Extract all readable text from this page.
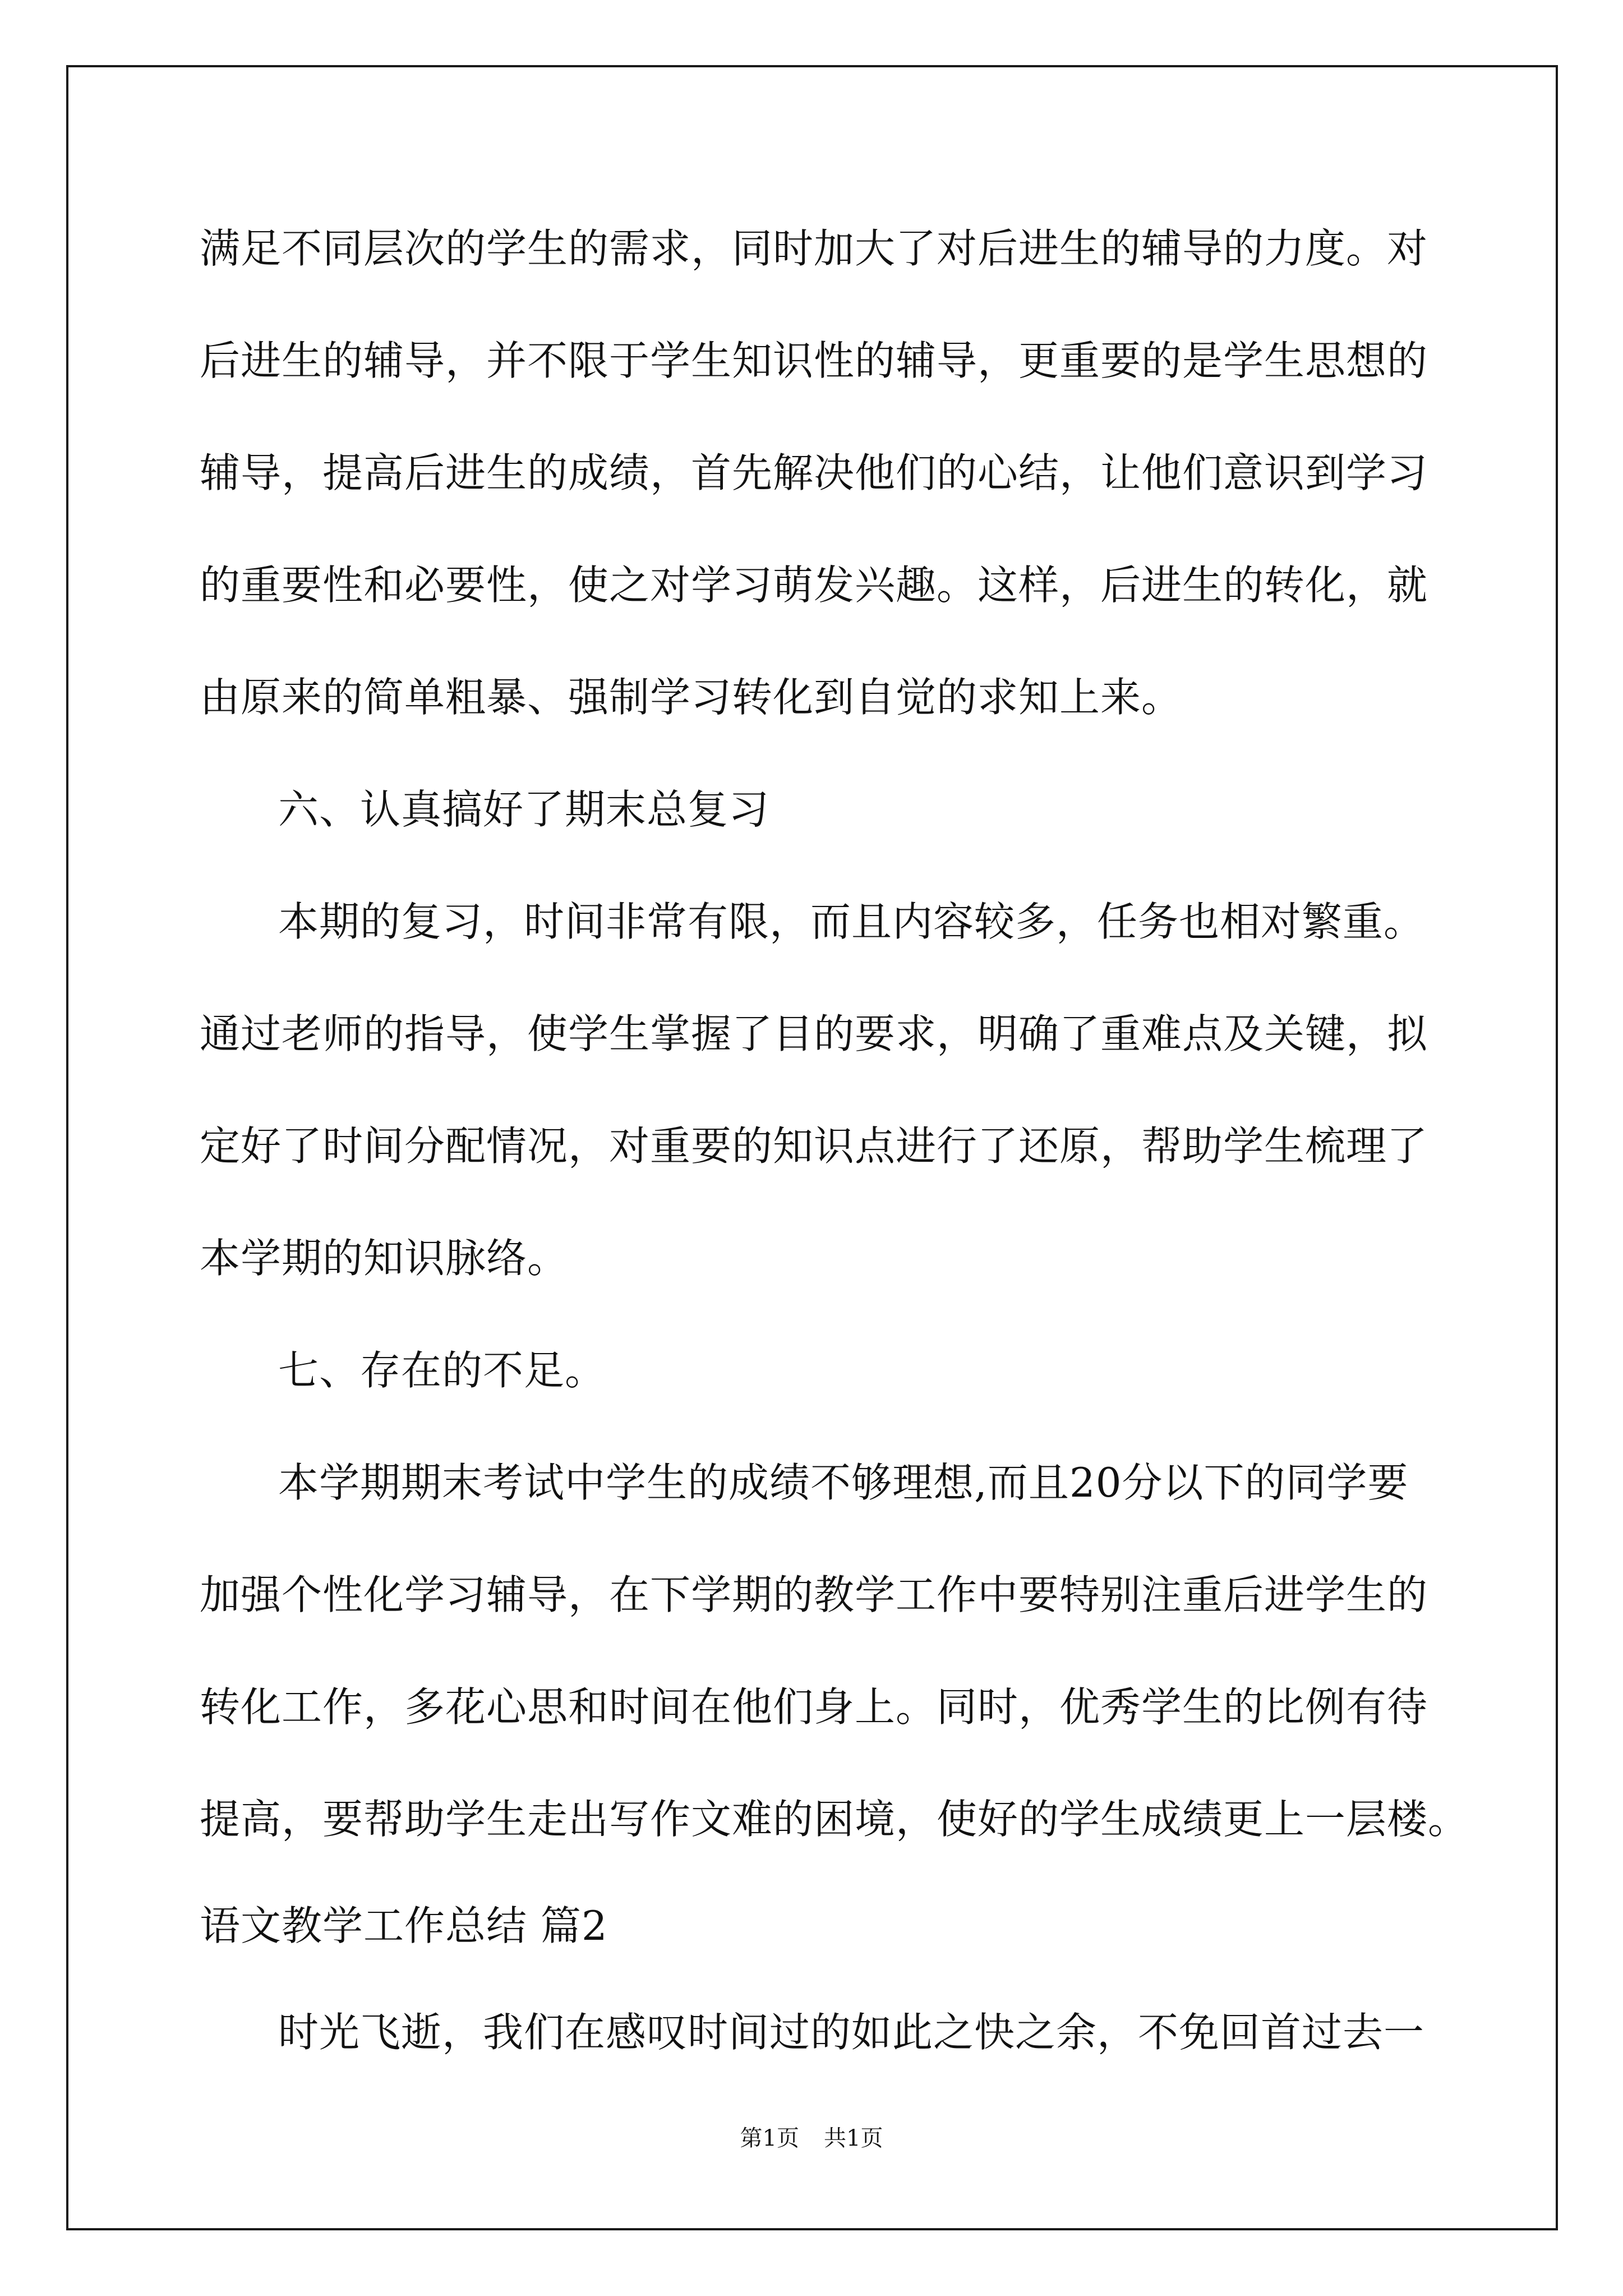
满足不同层次的学生的需求，同时加大了对后进生的辅导的力度。对
后进生的辅导，并不限于学生知识性的辅导，更重要的是学生思想的
辅导，提高后进生的成绩，首先解决他们的心结，让他们意识到学习
的重要性和必要性，使之对学习萌发兴趣。这样，后进生的转化，就
由原来的简单粗暴、强制学习转化到自觉的求知上来。
六、认真搞好了期末总复习
本期的复习，时间非常有限，而且内容较多，任务也相对繁重。
通过老师的指导，使学生掌握了目的要求，明确了重难点及关键，拟
定好了时间分配情况，对重要的知识点进行了还原，帮助学生梳理了
本学期的知识脉络。
七、存在的不足。
本学期期末考试中学生的成绩不够理想,而且20分以下的同学要
加强个性化学习辅导，在下学期的教学工作中要特别注重后进学生的
转化工作，多花心思和时间在他们身上。同时，优秀学生的比例有待
提高，要帮助学生走出写作文难的困境，使好的学生成绩更上一层楼。
语文教学工作总结 篇2
时光飞逝，我们在感叹时间过的如此之快之余，不免回首过去一
第1页 共1页
